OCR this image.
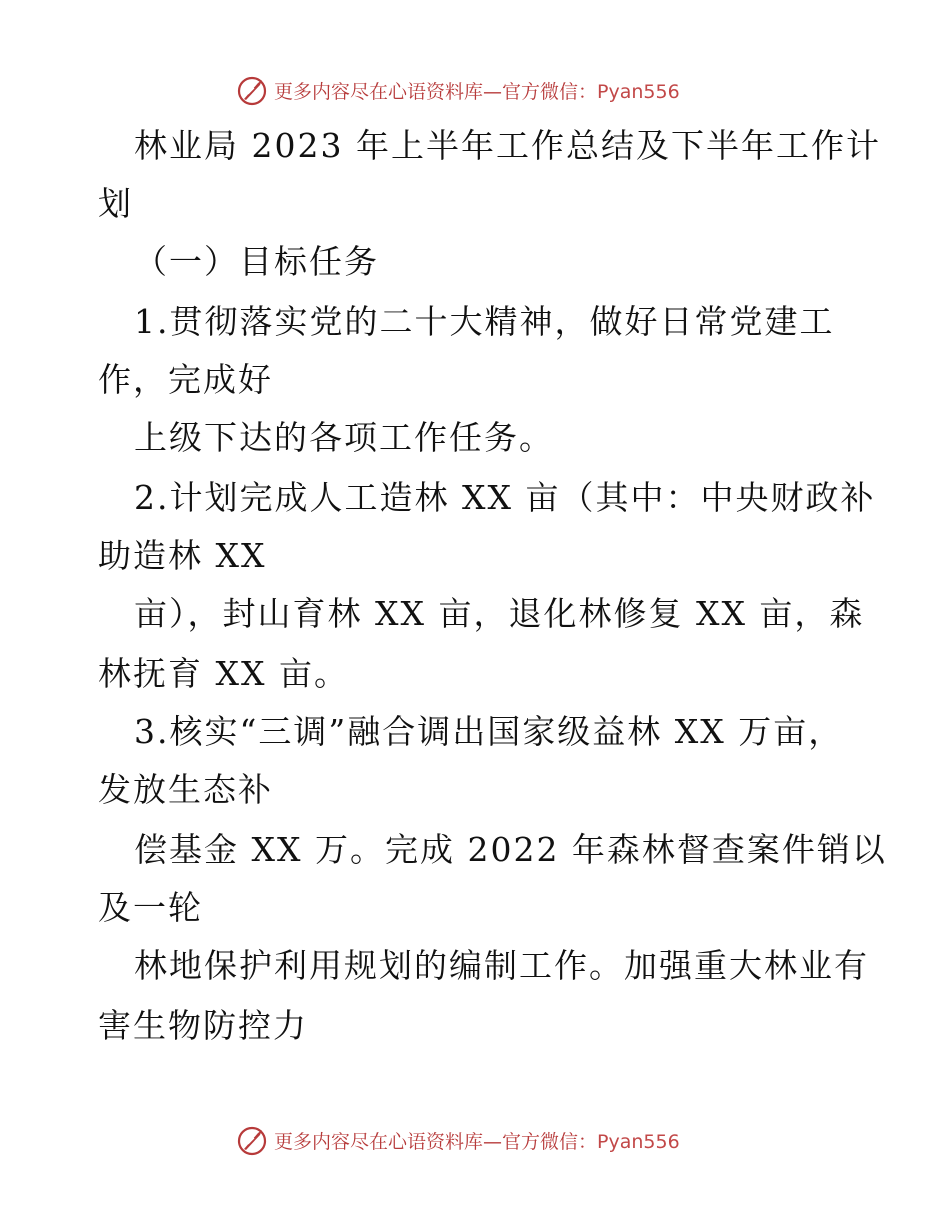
更多内容尽在心语资料库—官方微信：Pyan556
林业局 2023 年上半年工作总结及下半年工作计
划
（一）目标任务
1.贯彻落实党的二十大精神，做好日常党建工
作，完成好
上级下达的各项工作任务。
2.计划完成人工造林 XX 亩（其中：中央财政补
助造林 XX
亩），封山育林 XX 亩，退化林修复 XX 亩，森
林抚育 XX 亩。
3.核实“三调”融合调出国家级益林 XX 万亩，
发放生态补
偿基金 XX 万。完成 2022 年森林督查案件销以
及一轮
林地保护利用规划的编制工作。加强重大林业有
害生物防控力
更多内容尽在心语资料库—官方微信：Pyan556
